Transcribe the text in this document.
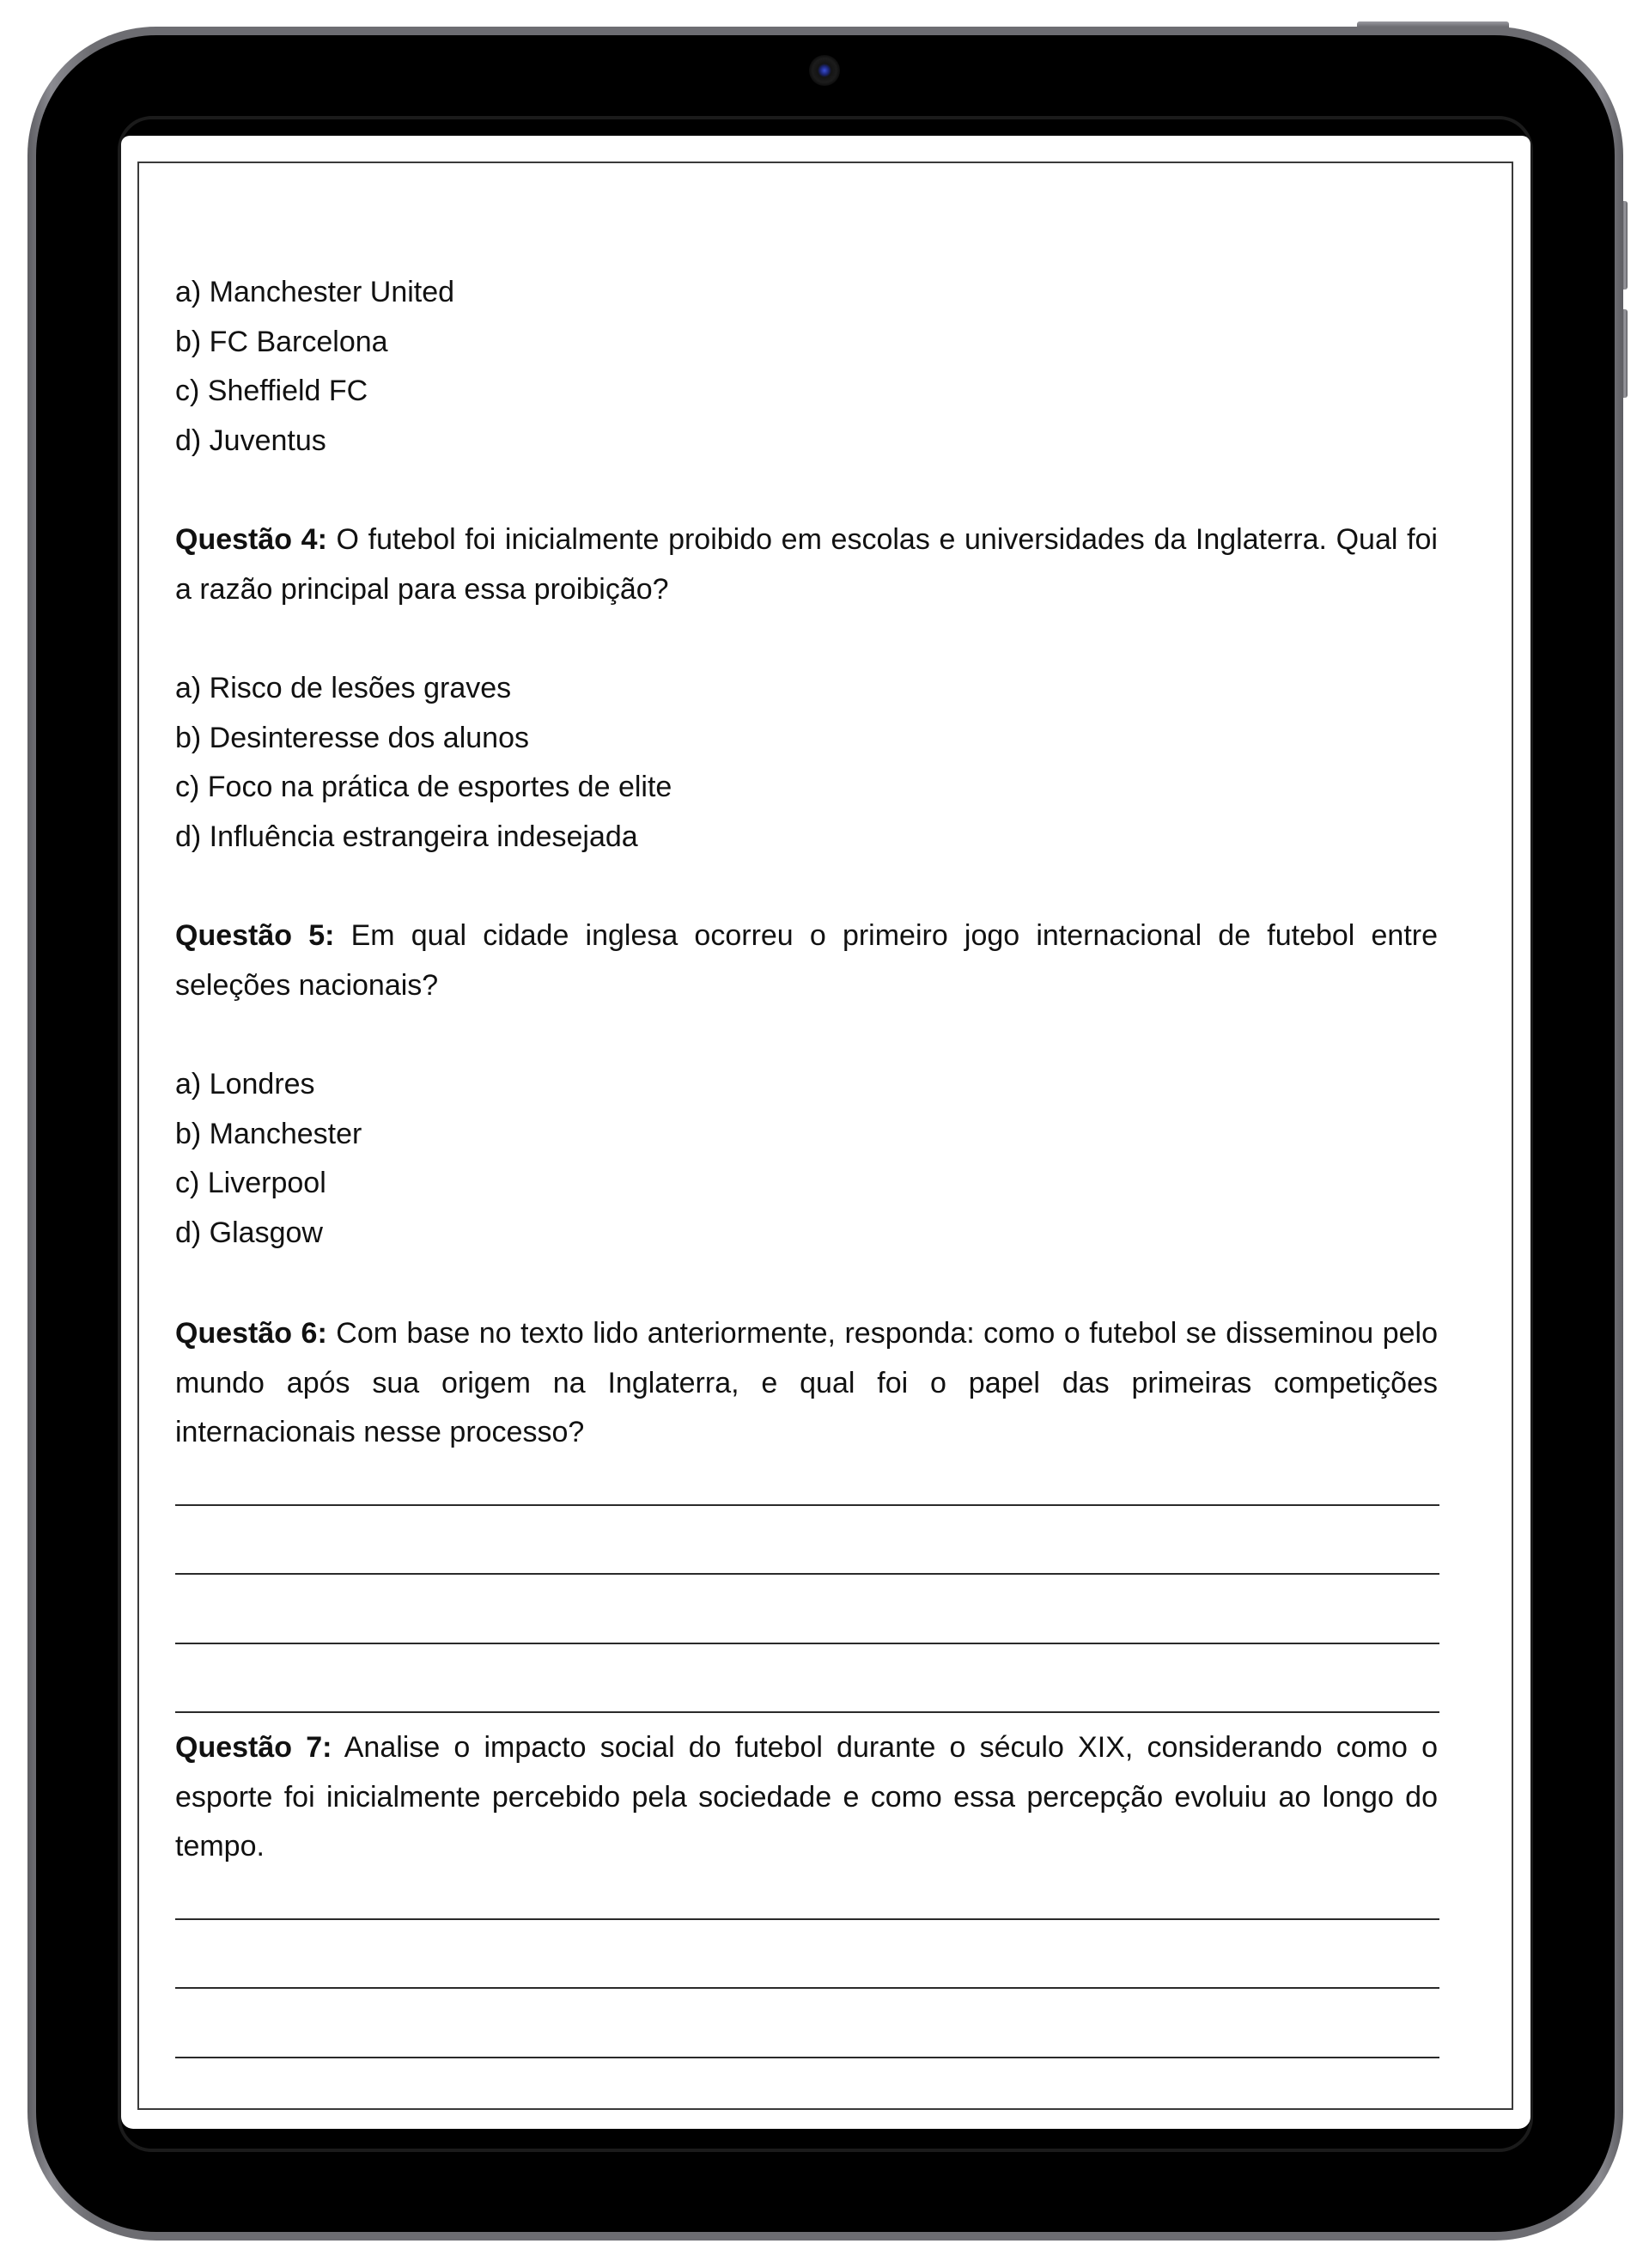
a) Manchester United
b) FC Barcelona
c) Sheffield FC
d) Juventus
Questão 4: O futebol foi inicialmente proibido em escolas e universidades da Inglaterra. Qual foi a razão principal para essa proibição?
a) Risco de lesões graves
b) Desinteresse dos alunos
c) Foco na prática de esportes de elite
d) Influência estrangeira indesejada
Questão 5: Em qual cidade inglesa ocorreu o primeiro jogo internacional de futebol entre seleções nacionais?
a) Londres
b) Manchester
c) Liverpool
d) Glasgow
Questão 6: Com base no texto lido anteriormente, responda: como o futebol se disseminou pelo mundo após sua origem na Inglaterra, e qual foi o papel das primeiras competições internacionais nesse processo?
Questão 7: Analise o impacto social do futebol durante o século XIX, considerando como o esporte foi inicialmente percebido pela sociedade e como essa percepção evoluiu ao longo do tempo.
